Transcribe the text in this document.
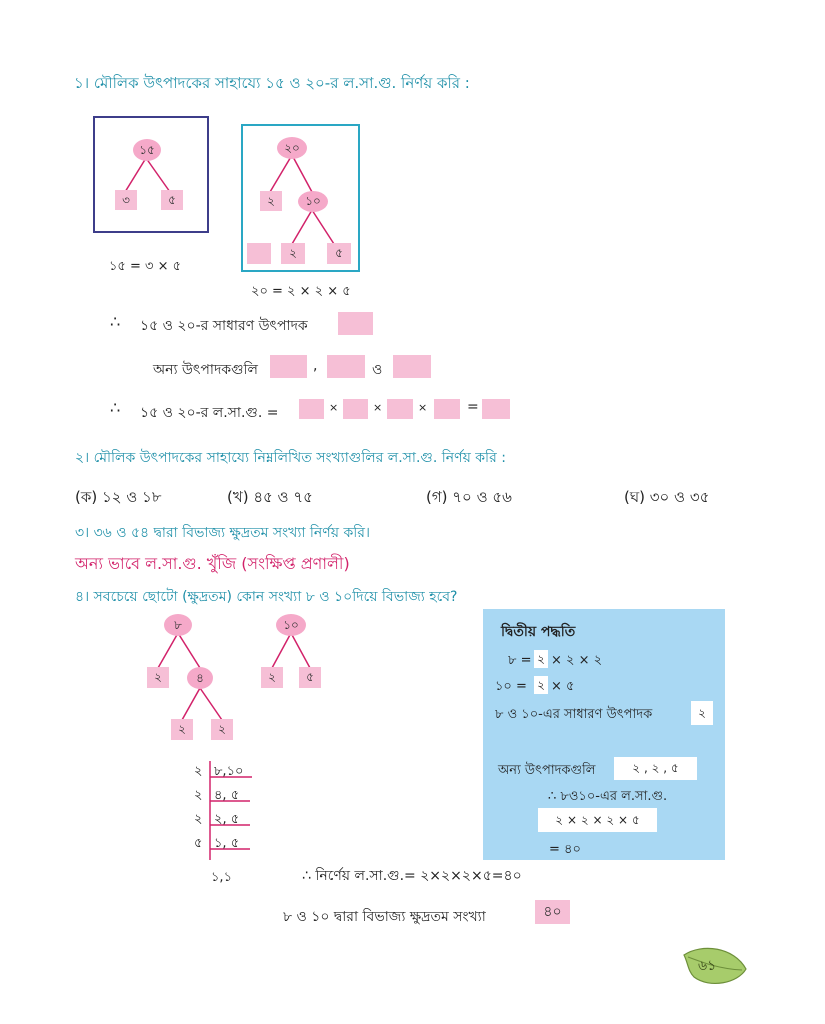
১। মৌলিক উৎপাদকের সাহায্যে ১৫ ও ২০-র ল.সা.গু. নির্ণয় করি :
১৫
৩	৫
২০
২	১০
২	৫
১৫ = ৩ × ৫
২০ = ২ × ২ × ৫
∴ ১৫ ও ২০-র সাধারণ উৎপাদক
অন্য উৎপাদকগুলি	,	ও
∴ ১৫ ও ২০-র ল.সা.গু. =	×	×	×	=
২। মৌলিক উৎপাদকের সাহায্যে নিম্নলিখিত সংখ্যাগুলির ল.সা.গু. নির্ণয় করি :
(ক) ১২ ও ১৮	(খ) ৪৫ ও ৭৫	(গ) ৭০ ও ৫৬	(ঘ) ৩০ ও ৩৫
৩। ৩৬ ও ৫৪ দ্বারা বিভাজ্য ক্ষুদ্রতম সংখ্যা নির্ণয় করি।
অন্য ভাবে ল.সা.গু. খুঁজি (সংক্ষিপ্ত প্রণালী)
৪। সবচেয়ে ছোটো (ক্ষুদ্রতম) কোন সংখ্যা ৮ ও ১০দিয়ে বিভাজ্য হবে?
৮
২	৪
২	২
১০
২	৫
২ ৮,১০
২ ৪, ৫
২ ২, ৫
৫ ১, ৫
১,১	∴ নির্ণেয় ল.সা.গু.= ২×২×২×৫=৪০
৮ ও ১০ দ্বারা বিভাজ্য ক্ষুদ্রতম সংখ্যা	৪০
দ্বিতীয় পদ্ধতি
৮ = ২ × ২ × ২
১০ = ২ × ৫
৮ ও ১০-এর সাধারণ উৎপাদক	২
অন্য উৎপাদকগুলি	২ , ২ , ৫
∴ ৮ও১০-এর ল.সা.গু.
২ × ২ × ২ × ৫
= ৪০
৬১
